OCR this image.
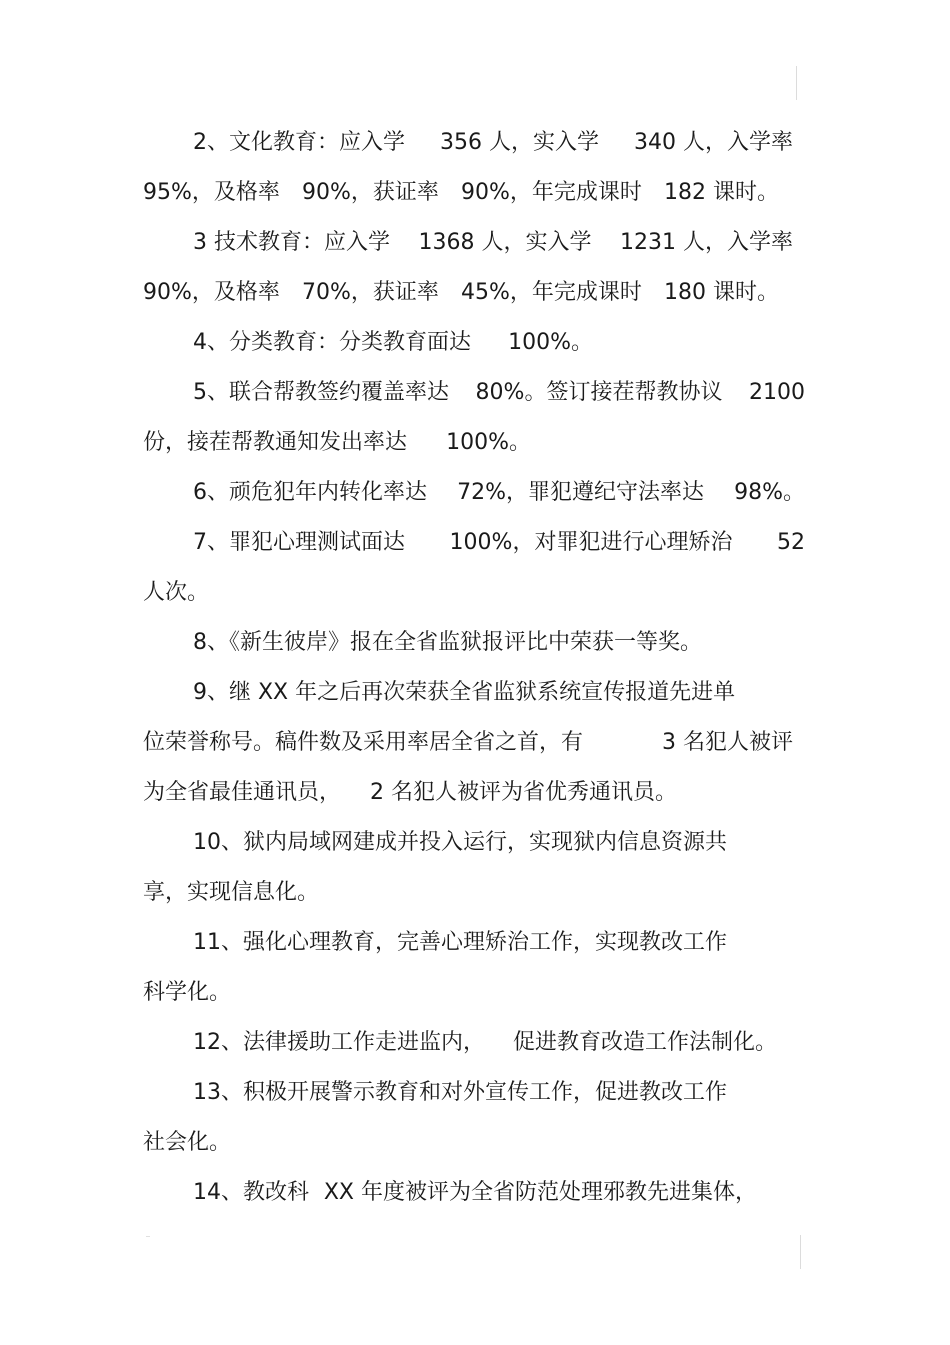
2、文化教育：应入学 356 人，实入学 340 人，入学率
95%，及格率 90%，获证率 90%，年完成课时 182 课时。
3 技术教育：应入学 1368 人，实入学 1231 人，入学率
90%，及格率 70%，获证率 45%，年完成课时 180 课时。
4、分类教育：分类教育面达 100%。
5、联合帮教签约覆盖率达 80%。签订接茬帮教协议 2100
份，接茬帮教通知发出率达 100%。
6、顽危犯年内转化率达 72%，罪犯遵纪守法率达 98%。
7、罪犯心理测试面达 100%，对罪犯进行心理矫治 52
人次。
8、《新生彼岸》报在全省监狱报评比中荣获一等奖。
9、继 XX 年之后再次荣获全省监狱系统宣传报道先进单
位荣誉称号。稿件数及采用率居全省之首，有	3 名犯人被评
为全省最佳通讯员， 2 名犯人被评为省优秀通讯员。
10、狱内局域网建成并投入运行，实现狱内信息资源共
享，实现信息化。
11、强化心理教育，完善心理矫治工作，实现教改工作
科学化。
12、法律援助工作走进监内， 促进教育改造工作法制化。
13、积极开展警示教育和对外宣传工作，促进教改工作
社会化。
14、教改科 XX 年度被评为全省防范处理邪教先进集体，
